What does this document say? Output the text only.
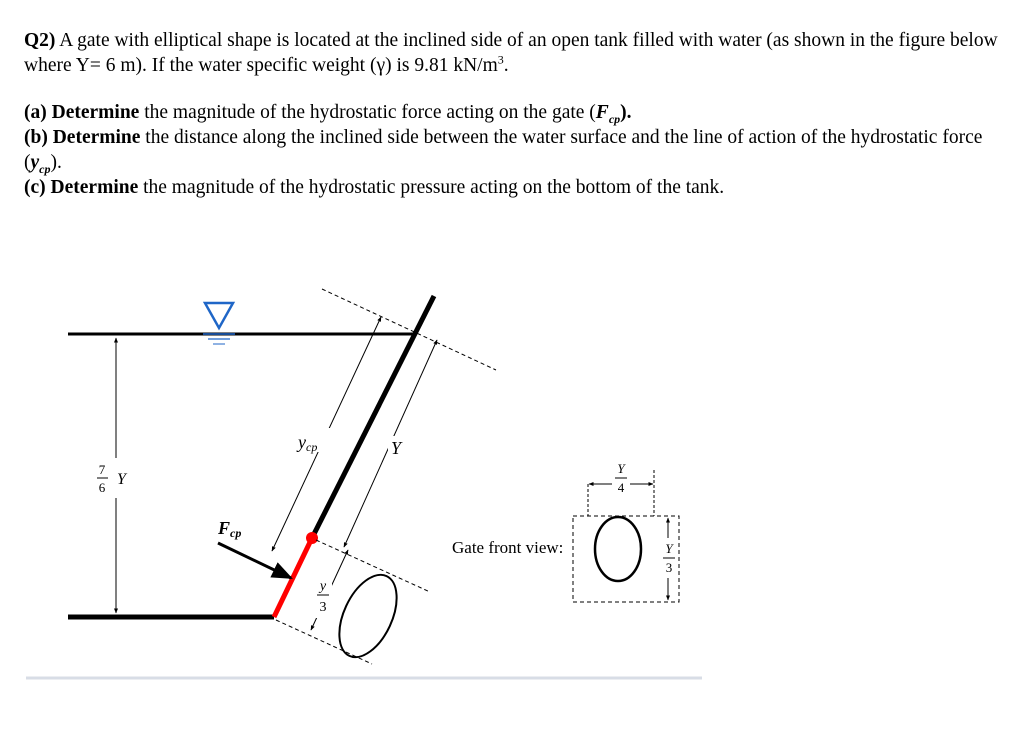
Q2) A gate with elliptical shape is located at the inclined side of an open tank filled with water (as shown in the figure below where Y= 6 m). If the water specific weight (γ) is 9.81 $kN/m^3$.

(a) Determine the magnitude of the hydrostatic force acting on the gate $(F_{cp})$.

(b) Determine the distance along the inclined side between the water surface and the line of action of the hydrostatic force $(y_{cp})$.

(c) Determine the magnitude of the hydrostatic pressure acting on the bottom of the tank.

7
6 Y
ycp	Y
Fcp
y
3
Gate front view:
Y
4
Y
3
